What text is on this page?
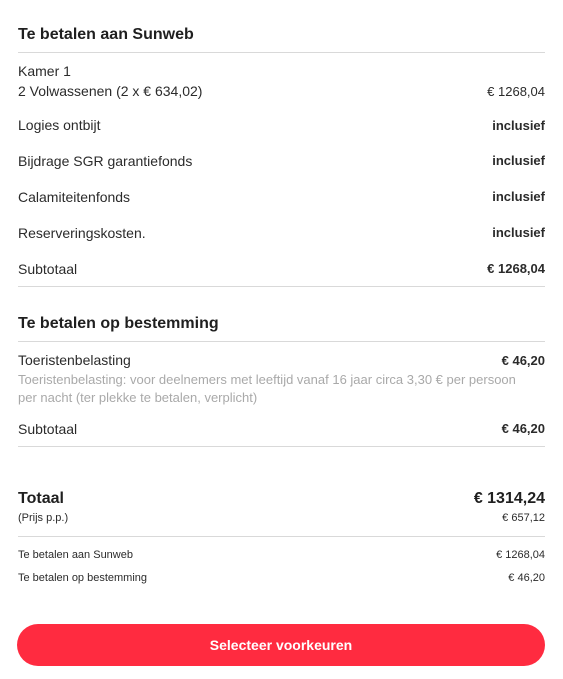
Te betalen aan Sunweb
Kamer 1
2 Volwassenen (2 x € 634,02)	€ 1268,04
Logies ontbijt	inclusief
Bijdrage SGR garantiefonds	inclusief
Calamiteitenfonds	inclusief
Reserveringskosten.	inclusief
Subtotaal	€ 1268,04
Te betalen op bestemming
Toeristenbelasting	€ 46,20
Toeristenbelasting: voor deelnemers met leeftijd vanaf 16 jaar circa 3,30 € per persoon per nacht (ter plekke te betalen, verplicht)
Subtotaal	€ 46,20
Totaal	€ 1314,24
(Prijs p.p.)	€ 657,12
Te betalen aan Sunweb	€ 1268,04
Te betalen op bestemming	€ 46,20
Selecteer voorkeuren
